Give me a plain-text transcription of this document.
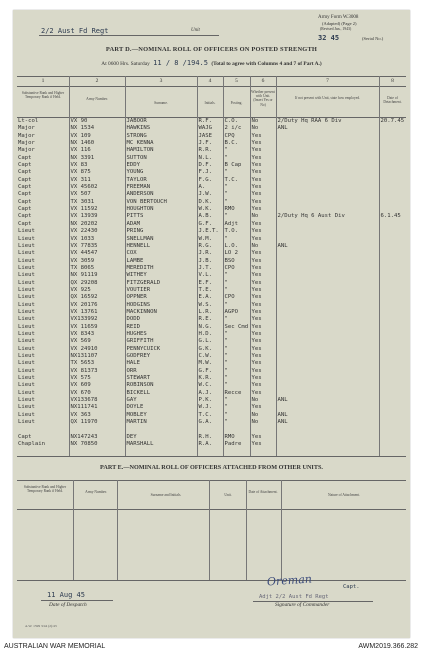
2/2 Aust Fd Regt	Unit
Army Form W.3008
(Adapted) (Page 2)
(Revised Jan., 1943)
32 45	(Serial No.)
PART D.—NOMINAL ROLL OF OFFICERS ON POSTED STRENGTH
At 0600 Hrs. Saturday 11 / 8 /194.5 (Total to agree with Columns 4 and 7 of Part A.)
1	2	3	4	5	6	7	8
Substantive Rank and Higher Temporary Rank if Held.	Army Number.
Surname.	Initials.	Posting.
Whether present with Unit. (Insert Yes or No)
If not present with Unit, state how employed.	Date of Detachment.
Lt-col	VX 90	JABOOR	R.F.	C.O.	No	2/Duty Hq RAA 6 Div	20.7.45
Major	NX 1534	HAWKINS	WAJG	2 i/c	No	ANL	
Major	VX 109	STRONG	JASE	CPQ	Yes		
Major	NX 1460	MC KENNA	J.F.	B.C.	Yes		
Major	VX 116	HAMILTON	R.R.	"	Yes		
Capt	NX 3391	SUTTON	N.L.	"	Yes		
Capt	VX 83	EDDY	D.F.	B Cap	Yes		
Capt	VX 875	YOUNG	F.J.	"	Yes		
Capt	VX 311	TAYLOR	F.G.	T.C.	Yes		
Capt	VX 45602	FREEMAN	A.	"	Yes		
Capt	VX 507	ANDERSON	J.W.	"	Yes		
Capt	TX 3031	VON BERTOUCH	D.K.	"	Yes		
Capt	VX 11592	HOUGHTON	W.K.	RMO	Yes		
Capt	VX 13939	PITTS	A.B.	"	No	2/Duty Hq 6 Aust Div	6.1.45
Capt	NX 20202	ADAM	G.F.	Adjt	Yes		
Lieut	VX 22430	PRING	J.E.T.	T.O.	Yes		
Lieut	VX 1033	SNELLMAN	W.M.	"	Yes		
Lieut	VX 77835	HENNELL	R.G.	L.O.	No	ANL	
Lieut	VX 44547	COX	J.R.	LO 2	Yes		
Lieut	VX 3059	LAMBE	J.B.	BSO	Yes		
Lieut	TX 8065	MEREDITH	J.T.	CPO	Yes		
Lieut	NX 91119	WITHEY	V.L.	"	Yes		
Lieut	QX 29208	FITZGERALD	E.F.	"	Yes		
Lieut	VX 925	VOUTIER	T.E.	"	Yes		
Lieut	QX 16592	OPPNER	E.A.	CPO	Yes		
Lieut	VX 20176	HODGINS	W.S.	"	Yes		
Lieut	VX 13761	MACKINNON	L.R.	AGPO	Yes		
Lieut	VX133992	DODD	R.E.	"	Yes		
Lieut	VX 11659	REID	N.G.	Sec Cmd	Yes		
Lieut	VX 8343	HUGHES	H.D.	"	Yes		
Lieut	VX 569	GRIFFITH	G.L.	"	Yes		
Lieut	VX 24910	PENNYCUICK	G.K.	"	Yes		
Lieut	NX131107	GODFREY	C.W.	"	Yes		
Lieut	TX 5653	HALE	M.W.	"	Yes		
Lieut	VX 81373	ORR	G.F.	"	Yes		
Lieut	VX 575	STEWART	K.R.	"	Yes		
Lieut	VX 609	ROBINSON	W.C.	"	Yes		
Lieut	VX 670	BICKELL	A.J.	Recce	Yes		
Lieut	VX133678	GAY	P.K.	"	No	ANL	
Lieut	NX111741	DOYLE	W.J.	"	Yes		
Lieut	VX 363	MOBLEY	T.C.	"	No	ANL	
Lieut	QX 11970	MARTIN	G.A.	"	No	ANL	

Capt	NX147243	DEY	R.H.	RMO	Yes		
Chaplain	NX 70850	MARSHALL	R.A.	Padre	Yes		
PART E.—NOMINAL ROLL OF OFFICERS ATTACHED FROM OTHER UNITS.
Substantive Rank and Higher Temporary Rank if Held.	Army Number.
Surname and Initials.	Unit.
Date of Attachment.
Nature of Attachment.
11 Aug 45
Date of Despatch
Oreman	Capt.
Adjt 2/2 Aust Fd Regt
Signature of Commander
A.W. 1599 3/44 (2)/43
AUSTRALIAN WAR MEMORIAL	AWM2019.366.282
